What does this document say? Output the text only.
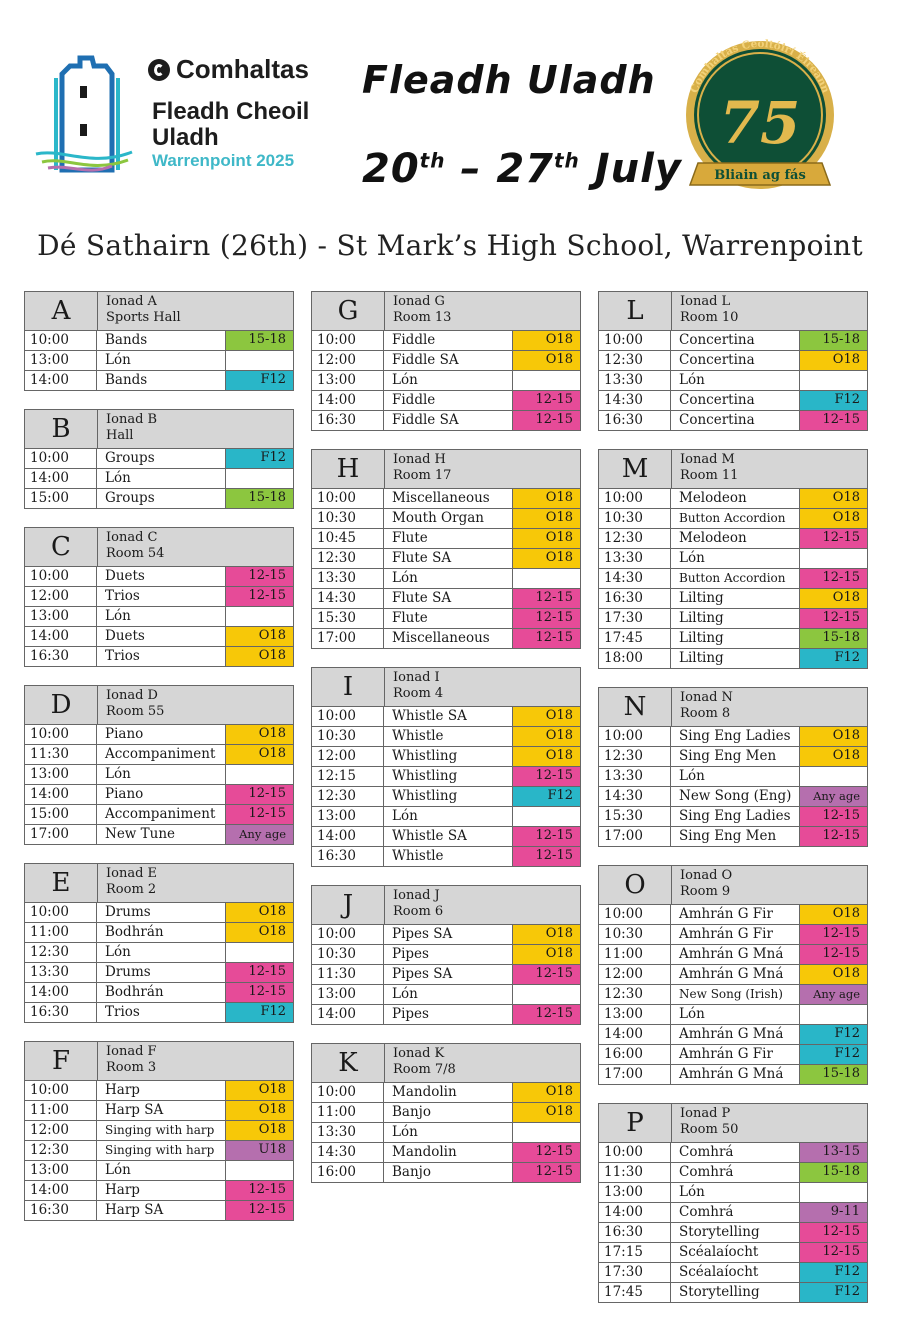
Comhaltas
Fleadh Cheoil
Uladh
Warrenpoint 2025
Fleadh Uladh
20th – 27th July
Comhaltas Ceoltóirí Éireann
75
Bliain ag fás
Dé Sathairn (26th) - St Mark’s High School, Warrenpoint
A	Ionad A
Sports Hall
10:00	Bands	15-18
13:00	Lón
14:00	Bands	F12
B	Ionad B
Hall
10:00	Groups	F12
14:00	Lón
15:00	Groups	15-18
C	Ionad C
Room 54
10:00	Duets	12-15
12:00	Trios	12-15
13:00	Lón
14:00	Duets	O18
16:30	Trios	O18
D	Ionad D
Room 55
10:00	Piano	O18
11:30	Accompaniment	O18
13:00	Lón
14:00	Piano	12-15
15:00	Accompaniment	12-15
17:00	New Tune	Any age
E	Ionad E
Room 2
10:00	Drums	O18
11:00	Bodhrán	O18
12:30	Lón
13:30	Drums	12-15
14:00	Bodhrán	12-15
16:30	Trios	F12
F	Ionad F
Room 3
10:00	Harp	O18
11:00	Harp SA	O18
12:00	Singing with harp	O18
12:30	Singing with harp	U18
13:00	Lón
14:00	Harp	12-15
16:30	Harp SA	12-15
G	Ionad G
Room 13
10:00	Fiddle	O18
12:00	Fiddle SA	O18
13:00	Lón
14:00	Fiddle	12-15
16:30	Fiddle SA	12-15
H	Ionad H
Room 17
10:00	Miscellaneous	O18
10:30	Mouth Organ	O18
10:45	Flute	O18
12:30	Flute SA	O18
13:30	Lón
14:30	Flute SA	12-15
15:30	Flute	12-15
17:00	Miscellaneous	12-15
I	Ionad I
Room 4
10:00	Whistle SA	O18
10:30	Whistle	O18
12:00	Whistling	O18
12:15	Whistling	12-15
12:30	Whistling	F12
13:00	Lón
14:00	Whistle SA	12-15
16:30	Whistle	12-15
J	Ionad J
Room 6
10:00	Pipes SA	O18
10:30	Pipes	O18
11:30	Pipes SA	12-15
13:00	Lón
14:00	Pipes	12-15
K	Ionad K
Room 7/8
10:00	Mandolin	O18
11:00	Banjo	O18
13:30	Lón
14:30	Mandolin	12-15
16:00	Banjo	12-15
L	Ionad L
Room 10
10:00	Concertina	15-18
12:30	Concertina	O18
13:30	Lón
14:30	Concertina	F12
16:30	Concertina	12-15
M	Ionad M
Room 11
10:00	Melodeon	O18
10:30	Button Accordion	O18
12:30	Melodeon	12-15
13:30	Lón
14:30	Button Accordion	12-15
16:30	Lilting	O18
17:30	Lilting	12-15
17:45	Lilting	15-18
18:00	Lilting	F12
N	Ionad N
Room 8
10:00	Sing Eng Ladies	O18
12:30	Sing Eng Men	O18
13:30	Lón
14:30	New Song (Eng)	Any age
15:30	Sing Eng Ladies	12-15
17:00	Sing Eng Men	12-15
O	Ionad O
Room 9
10:00	Amhrán G Fir	O18
10:30	Amhrán G Fir	12-15
11:00	Amhrán G Mná	12-15
12:00	Amhrán G Mná	O18
12:30	New Song (Irish)	Any age
13:00	Lón
14:00	Amhrán G Mná	F12
16:00	Amhrán G Fir	F12
17:00	Amhrán G Mná	15-18
P	Ionad P
Room 50
10:00	Comhrá	13-15
11:30	Comhrá	15-18
13:00	Lón
14:00	Comhrá	9-11
16:30	Storytelling	12-15
17:15	Scéalaíocht	12-15
17:30	Scéalaíocht	F12
17:45	Storytelling	F12
